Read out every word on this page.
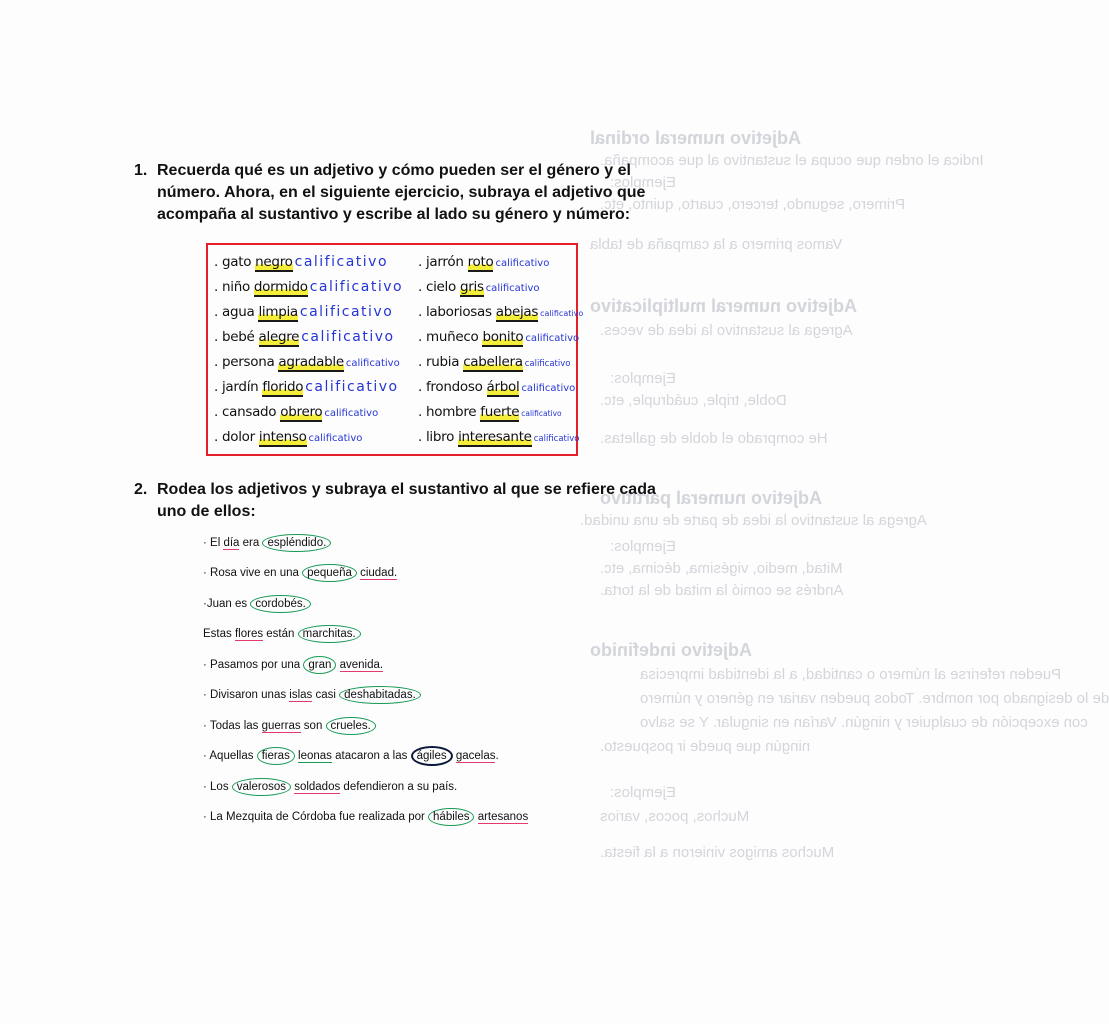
Adjetivo numeral ordinal
Indica el orden que ocupa el sustantivo al que acompaña.
Ejemplos:
Primero, segundo, tercero, cuarto, quinto, etc.
Vamos primero a la campaña de tabla
Adjetivo numeral multiplicativo
Agrega al sustantivo la idea de veces.
Ejemplos:
Doble, triple, cuádruple, etc.
He comprado el doble de galletas.
Adjetivo numeral partitivo
Agrega al sustantivo la idea de parte de una unidad.
Ejemplos:
Mitad, medio, vigésima, décima, etc.
Andrés se comió la mitad de la torta.
Adjetivo indefinido
Pueden referirse al número o cantidad, a la identidad imprecisa
de lo designado por nombre. Todos pueden variar en género y número
con excepción de cualquier y ningún. Varían en singular. Y se salvo
ningún que puede ir pospuesto.
Ejemplos:
Muchos, pocos, varios
Muchos amigos vinieron a la fiesta.
1. Recuerda qué es un adjetivo y cómo pueden ser el género y el número. Ahora, en el siguiente ejercicio, subraya el adjetivo que acompaña al sustantivo y escribe al lado su género y número:
. gato negro calificativo
. niño dormido calificativo
. agua limpia calificativo
. bebé alegre calificativo
. persona agradable calificativo
. jardín florido calificativo
. cansado obrero calificativo
. dolor intenso calificativo
. jarrón roto calificativo
. cielo gris calificativo
. laboriosas abejas calificativo
. muñeco bonito calificativo
. rubia cabellera calificativo
. frondoso árbol calificativo
. hombre fuerte calificativo
. libro interesante calificativo
2. Rodea los adjetivos y subraya el sustantivo al que se refiere cada uno de ellos:
· El día era espléndido.
· Rosa vive en una pequeña ciudad.
·Juan es cordobés.
Estas flores están marchitas.
· Pasamos por una gran avenida.
· Divisaron unas islas casi deshabitadas.
· Todas las guerras son crueles.
· Aquellas fieras leonas atacaron a las ágiles gacelas.
· Los valerosos soldados defendieron a su país.
· La Mezquita de Córdoba fue realizada por hábiles artesanos
